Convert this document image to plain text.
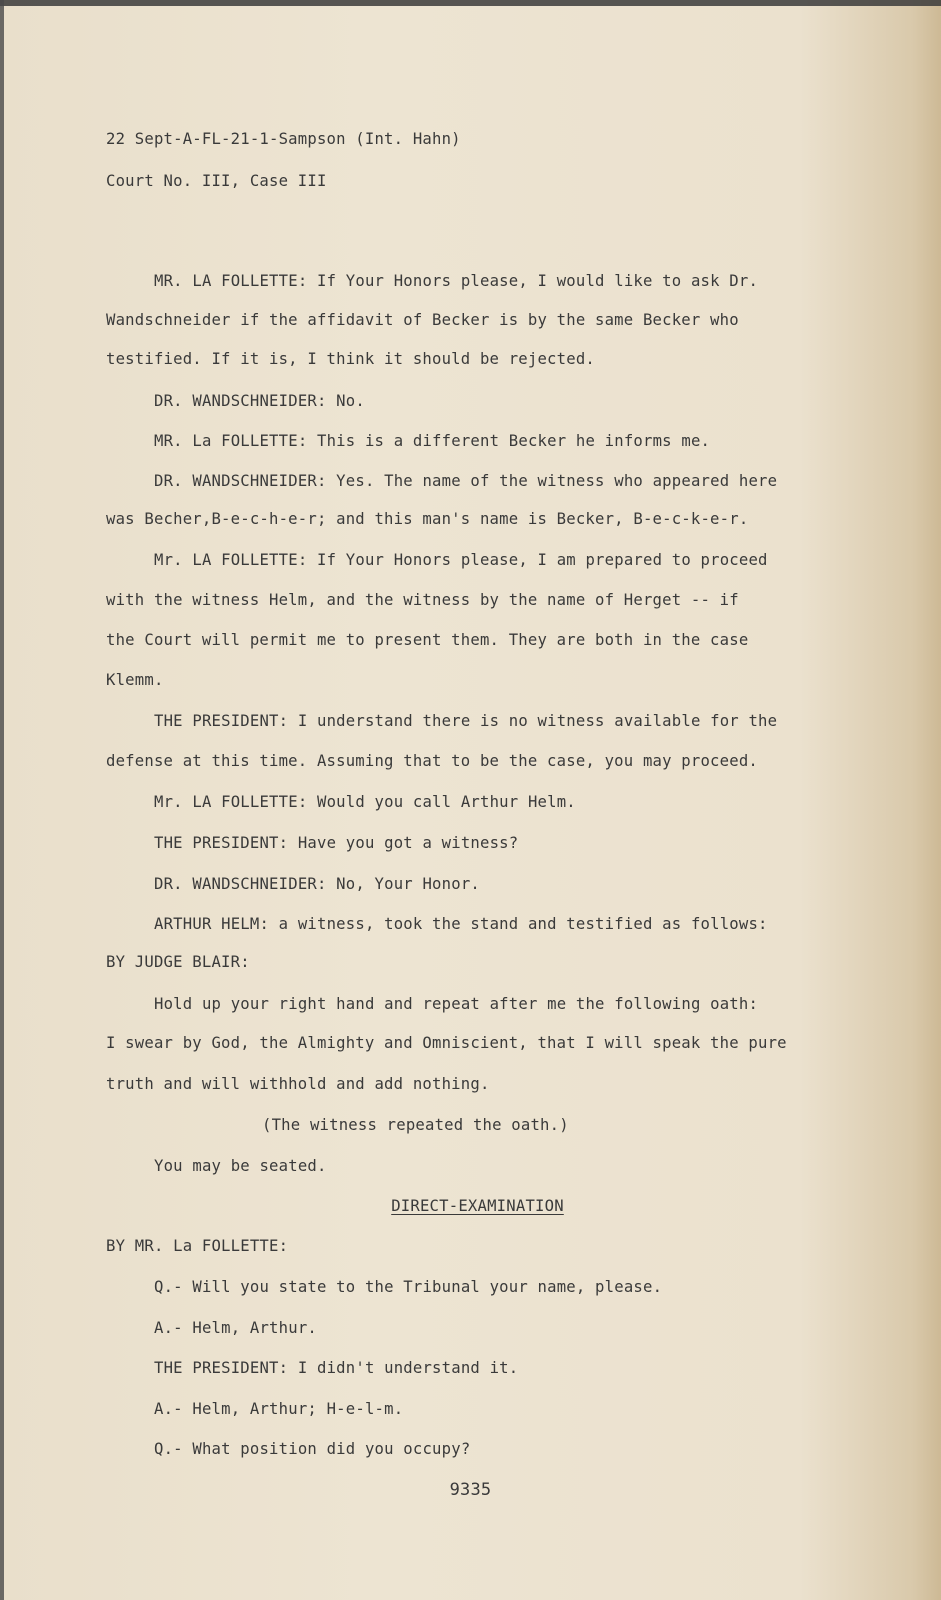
22 Sept-A-FL-21-1-Sampson (Int. Hahn)
Court No. III, Case III
MR. LA FOLLETTE: If Your Honors please, I would like to ask Dr.
Wandschneider if the affidavit of Becker is by the same Becker who
testified. If it is, I think it should be rejected.
DR. WANDSCHNEIDER: No.
MR. La FOLLETTE: This is a different Becker he informs me.
DR. WANDSCHNEIDER: Yes. The name of the witness who appeared here
was Becher,B-e-c-h-e-r; and this man's name is Becker, B-e-c-k-e-r.
Mr. LA FOLLETTE: If Your Honors please, I am prepared to proceed
with the witness Helm, and the witness by the name of Herget -- if
the Court will permit me to present them. They are both in the case
Klemm.
THE PRESIDENT: I understand there is no witness available for the
defense at this time. Assuming that to be the case, you may proceed.
Mr. LA FOLLETTE: Would you call Arthur Helm.
THE PRESIDENT: Have you got a witness?
DR. WANDSCHNEIDER: No, Your Honor.
ARTHUR HELM: a witness, took the stand and testified as follows:
BY JUDGE BLAIR:
Hold up your right hand and repeat after me the following oath:
I swear by God, the Almighty and Omniscient, that I will speak the pure
truth and will withhold and add nothing.
(The witness repeated the oath.)
You may be seated.
DIRECT-EXAMINATION
BY MR. La FOLLETTE:
Q.- Will you state to the Tribunal your name, please.
A.- Helm, Arthur.
THE PRESIDENT: I didn't understand it.
A.- Helm, Arthur; H-e-l-m.
Q.- What position did you occupy?
9335
